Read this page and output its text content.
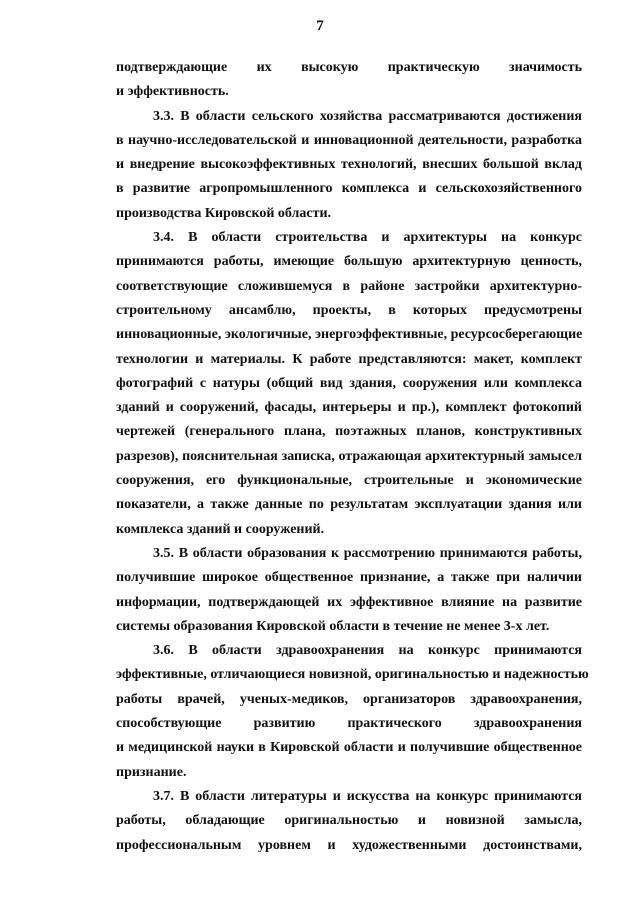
7
подтверждающие их высокую практическую значимость
и эффективность.
3.3. В области сельского хозяйства рассматриваются достижения
в научно-исследовательской и инновационной деятельности, разработка
и внедрение высокоэффективных технологий, внесших большой вклад
в развитие агропромышленного комплекса и сельскохозяйственного
производства Кировской области.
3.4. В области строительства и архитектуры на конкурс
принимаются работы, имеющие большую архитектурную ценность,
соответствующие сложившемуся в районе застройки архитектурно-
строительному ансамблю, проекты, в которых предусмотрены
инновационные, экологичные, энергоэффективные, ресурсосберегающие
технологии и материалы. К работе представляются: макет, комплект
фотографий с натуры (общий вид здания, сооружения или комплекса
зданий и сооружений, фасады, интерьеры и пр.), комплект фотокопий
чертежей (генерального плана, поэтажных планов, конструктивных
разрезов), пояснительная записка, отражающая архитектурный замысел
сооружения, его функциональные, строительные и экономические
показатели, а также данные по результатам эксплуатации здания или
комплекса зданий и сооружений.
3.5. В области образования к рассмотрению принимаются работы,
получившие широкое общественное признание, а также при наличии
информации, подтверждающей их эффективное влияние на развитие
системы образования Кировской области в течение не менее 3-х лет.
3.6. В области здравоохранения на конкурс принимаются
эффективные, отличающиеся новизной, оригинальностью и надежностью
работы врачей, ученых-медиков, организаторов здравоохранения,
способствующие развитию практического здравоохранения
и медицинской науки в Кировской области и получившие общественное
признание.
3.7. В области литературы и искусства на конкурс принимаются
работы, обладающие оригинальностью и новизной замысла,
профессиональным уровнем и художественными достоинствами,
